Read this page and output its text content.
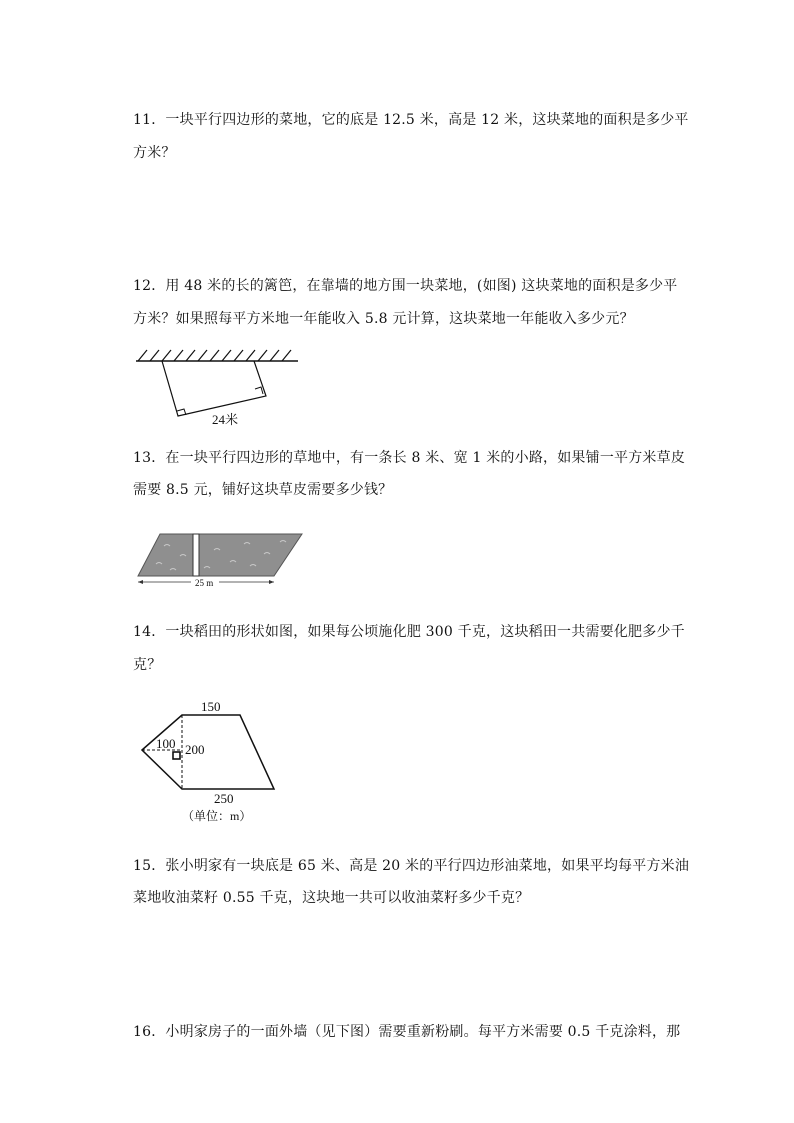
11．一块平行四边形的菜地，它的底是 12.5 米，高是 12 米，这块菜地的面积是多少平
方米？
12．用 48 米的长的篱笆，在靠墙的地方围一块菜地，(如图) 这块菜地的面积是多少平
方米？如果照每平方米地一年能收入 5.8 元计算，这块菜地一年能收入多少元？
24米
13．在一块平行四边形的草地中，有一条长 8 米、宽 1 米的小路，如果铺一平方米草皮
需要 8.5 元，铺好这块草皮需要多少钱？
25 m
14．一块稻田的形状如图，如果每公顷施化肥 300 千克，这块稻田一共需要化肥多少千
克？
150
100 200
250
（单位：m）
15．张小明家有一块底是 65 米、高是 20 米的平行四边形油菜地，如果平均每平方米油
菜地收油菜籽 0.55 千克，这块地一共可以收油菜籽多少千克？
16．小明家房子的一面外墙（见下图）需要重新粉刷。每平方米需要 0.5 千克涂料，那
